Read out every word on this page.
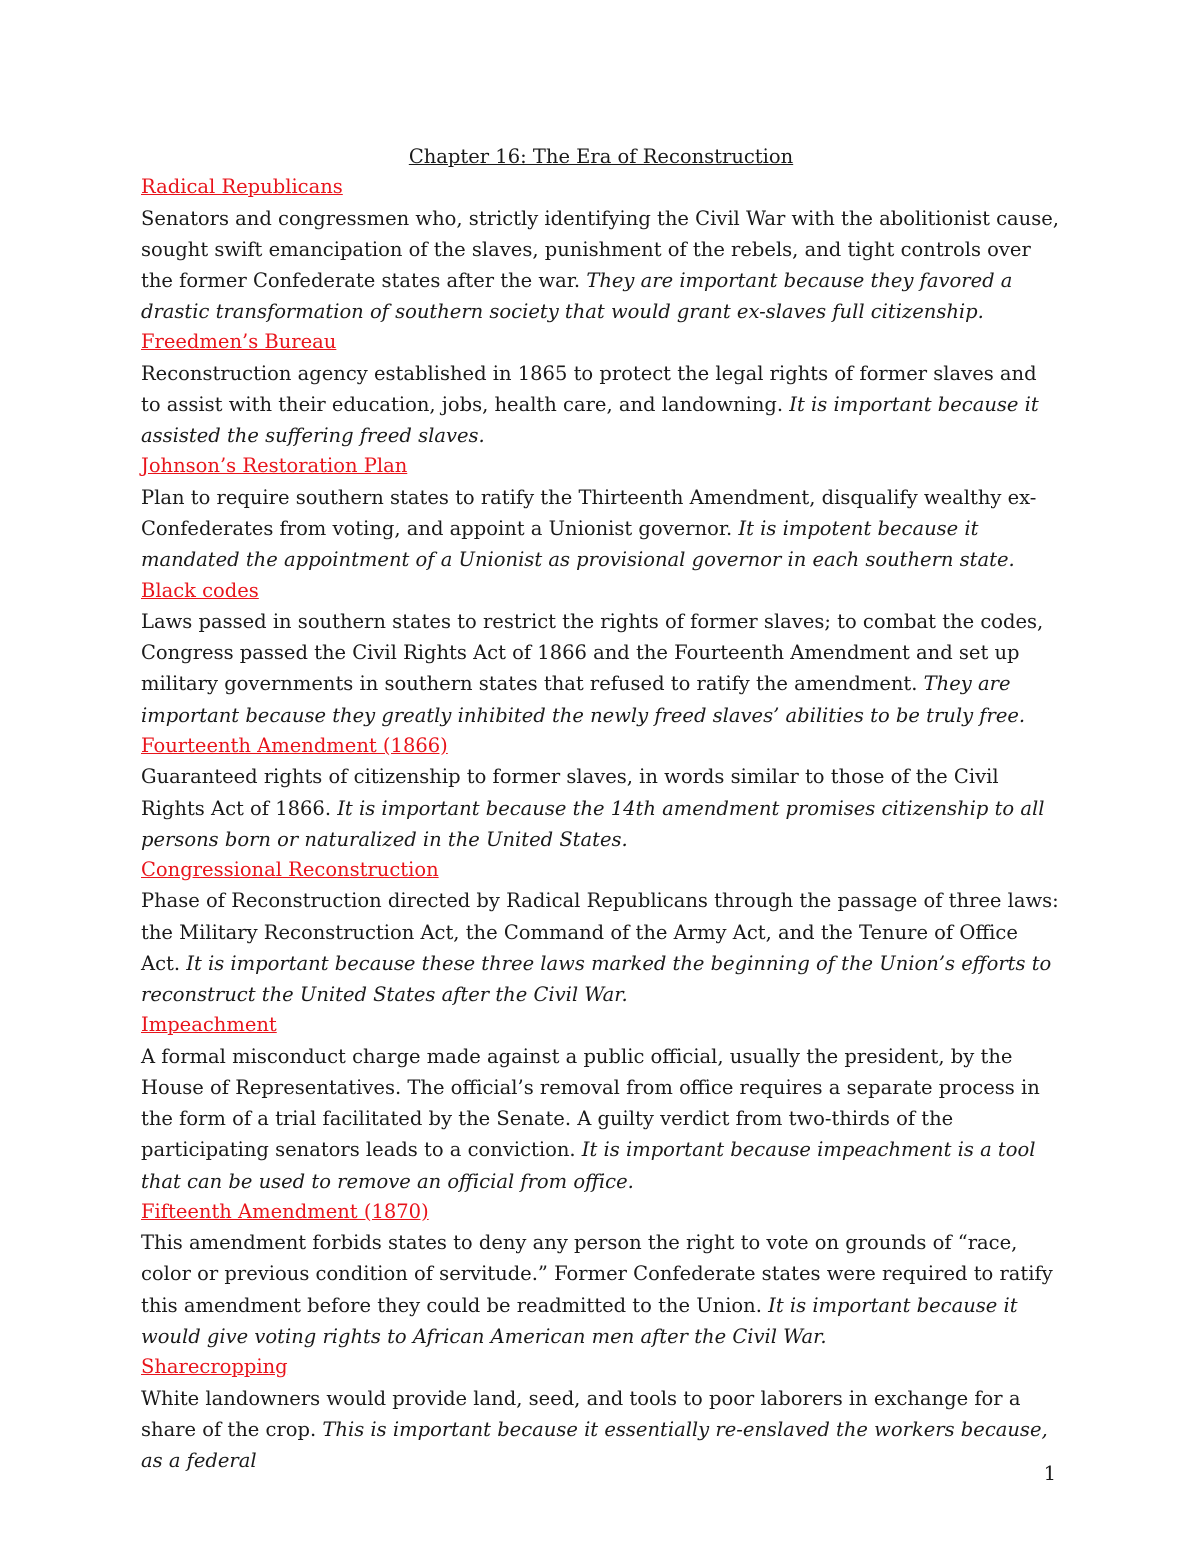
Chapter 16: The Era of Reconstruction
Radical Republicans

Senators and congressmen who, strictly identifying the Civil War with the abolitionist cause, sought swift emancipation of the slaves, punishment of the rebels, and tight controls over the former Confederate states after the war. They are important because they favored a drastic transformation of southern society that would grant ex-slaves full citizenship.

Freedmen’s Bureau

Reconstruction agency established in 1865 to protect the legal rights of former slaves and to assist with their education, jobs, health care, and landowning. It is important because it assisted the suffering freed slaves.

Johnson’s Restoration Plan

Plan to require southern states to ratify the Thirteenth Amendment, disqualify wealthy ex-Confederates from voting, and appoint a Unionist governor. It is impotent because it mandated the appointment of a Unionist as provisional governor in each southern state.

Black codes

Laws passed in southern states to restrict the rights of former slaves; to combat the codes, Congress passed the Civil Rights Act of 1866 and the Fourteenth Amendment and set up military governments in southern states that refused to ratify the amendment. They are important because they greatly inhibited the newly freed slaves’ abilities to be truly free.

Fourteenth Amendment (1866)

Guaranteed rights of citizenship to former slaves, in words similar to those of the Civil Rights Act of 1866. It is important because the 14th amendment promises citizenship to all persons born or naturalized in the United States.

Congressional Reconstruction

Phase of Reconstruction directed by Radical Republicans through the passage of three laws: the Military Reconstruction Act, the Command of the Army Act, and the Tenure of Office Act. It is important because these three laws marked the beginning of the Union’s efforts to reconstruct the United States after the Civil War.

Impeachment

A formal misconduct charge made against a public official, usually the president, by the House of Representatives. The official’s removal from office requires a separate process in the form of a trial facilitated by the Senate. A guilty verdict from two-thirds of the participating senators leads to a conviction. It is important because impeachment is a tool that can be used to remove an official from office.

Fifteenth Amendment (1870)

This amendment forbids states to deny any person the right to vote on grounds of “race, color or previous condition of servitude.” Former Confederate states were required to ratify this amendment before they could be readmitted to the Union. It is important because it would give voting rights to African American men after the Civil War.

Sharecropping

White landowners would provide land, seed, and tools to poor laborers in exchange for a share of the crop. This is important because it essentially re-enslaved the workers because, as a federal

1
